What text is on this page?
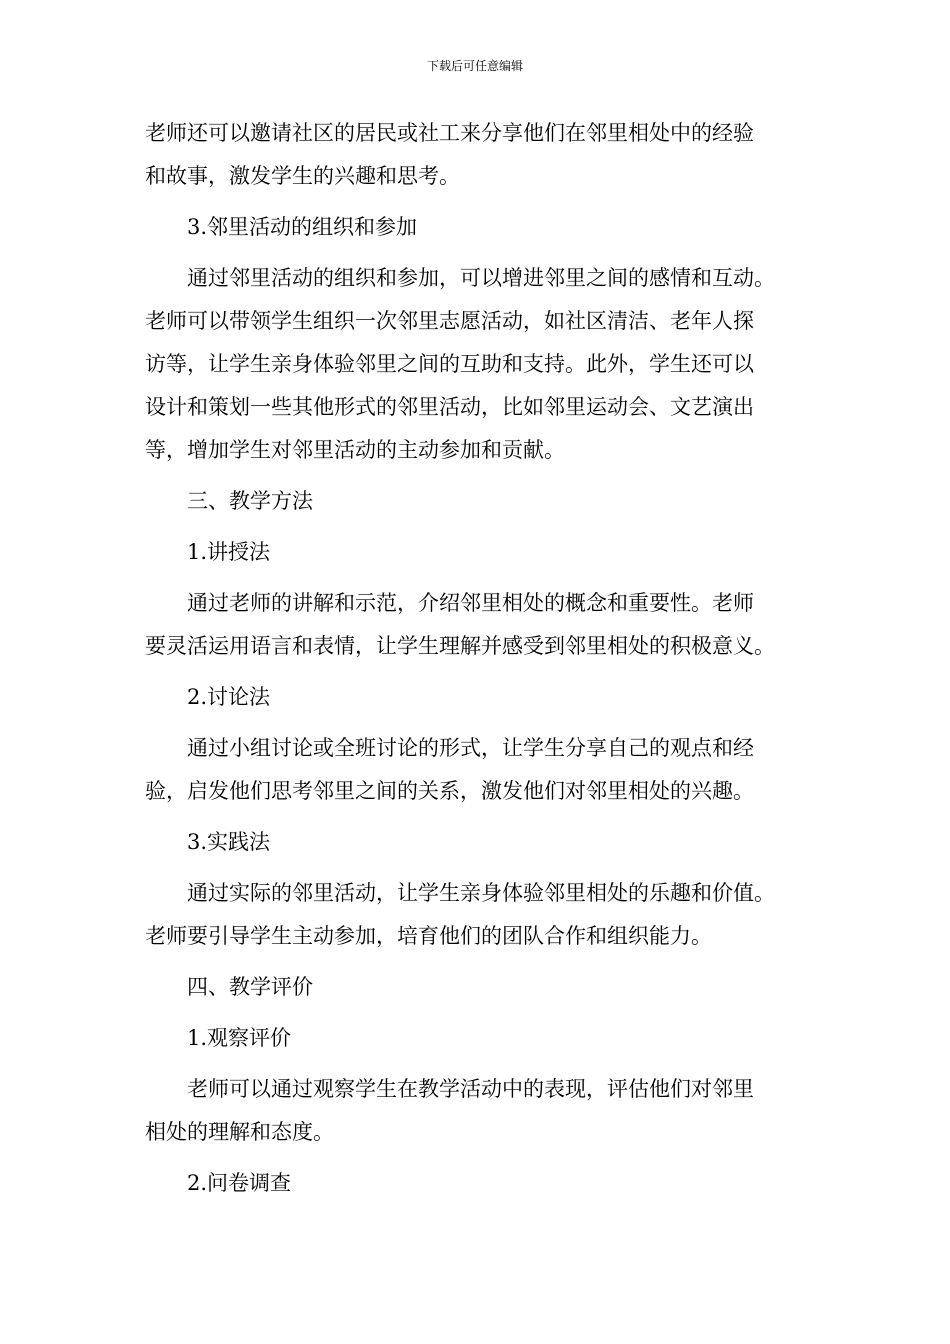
下载后可任意编辑
老师还可以邀请社区的居民或社工来分享他们在邻里相处中的经验
和故事，激发学生的兴趣和思考。
3.邻里活动的组织和参加
通过邻里活动的组织和参加，可以增进邻里之间的感情和互动。
老师可以带领学生组织一次邻里志愿活动，如社区清洁、老年人探
访等，让学生亲身体验邻里之间的互助和支持。此外，学生还可以
设计和策划一些其他形式的邻里活动，比如邻里运动会、文艺演出
等，增加学生对邻里活动的主动参加和贡献。
三、教学方法
1.讲授法
通过老师的讲解和示范，介绍邻里相处的概念和重要性。老师
要灵活运用语言和表情，让学生理解并感受到邻里相处的积极意义。
2.讨论法
通过小组讨论或全班讨论的形式，让学生分享自己的观点和经
验，启发他们思考邻里之间的关系，激发他们对邻里相处的兴趣。
3.实践法
通过实际的邻里活动，让学生亲身体验邻里相处的乐趣和价值。
老师要引导学生主动参加，培育他们的团队合作和组织能力。
四、教学评价
1.观察评价
老师可以通过观察学生在教学活动中的表现，评估他们对邻里
相处的理解和态度。
2.问卷调查
